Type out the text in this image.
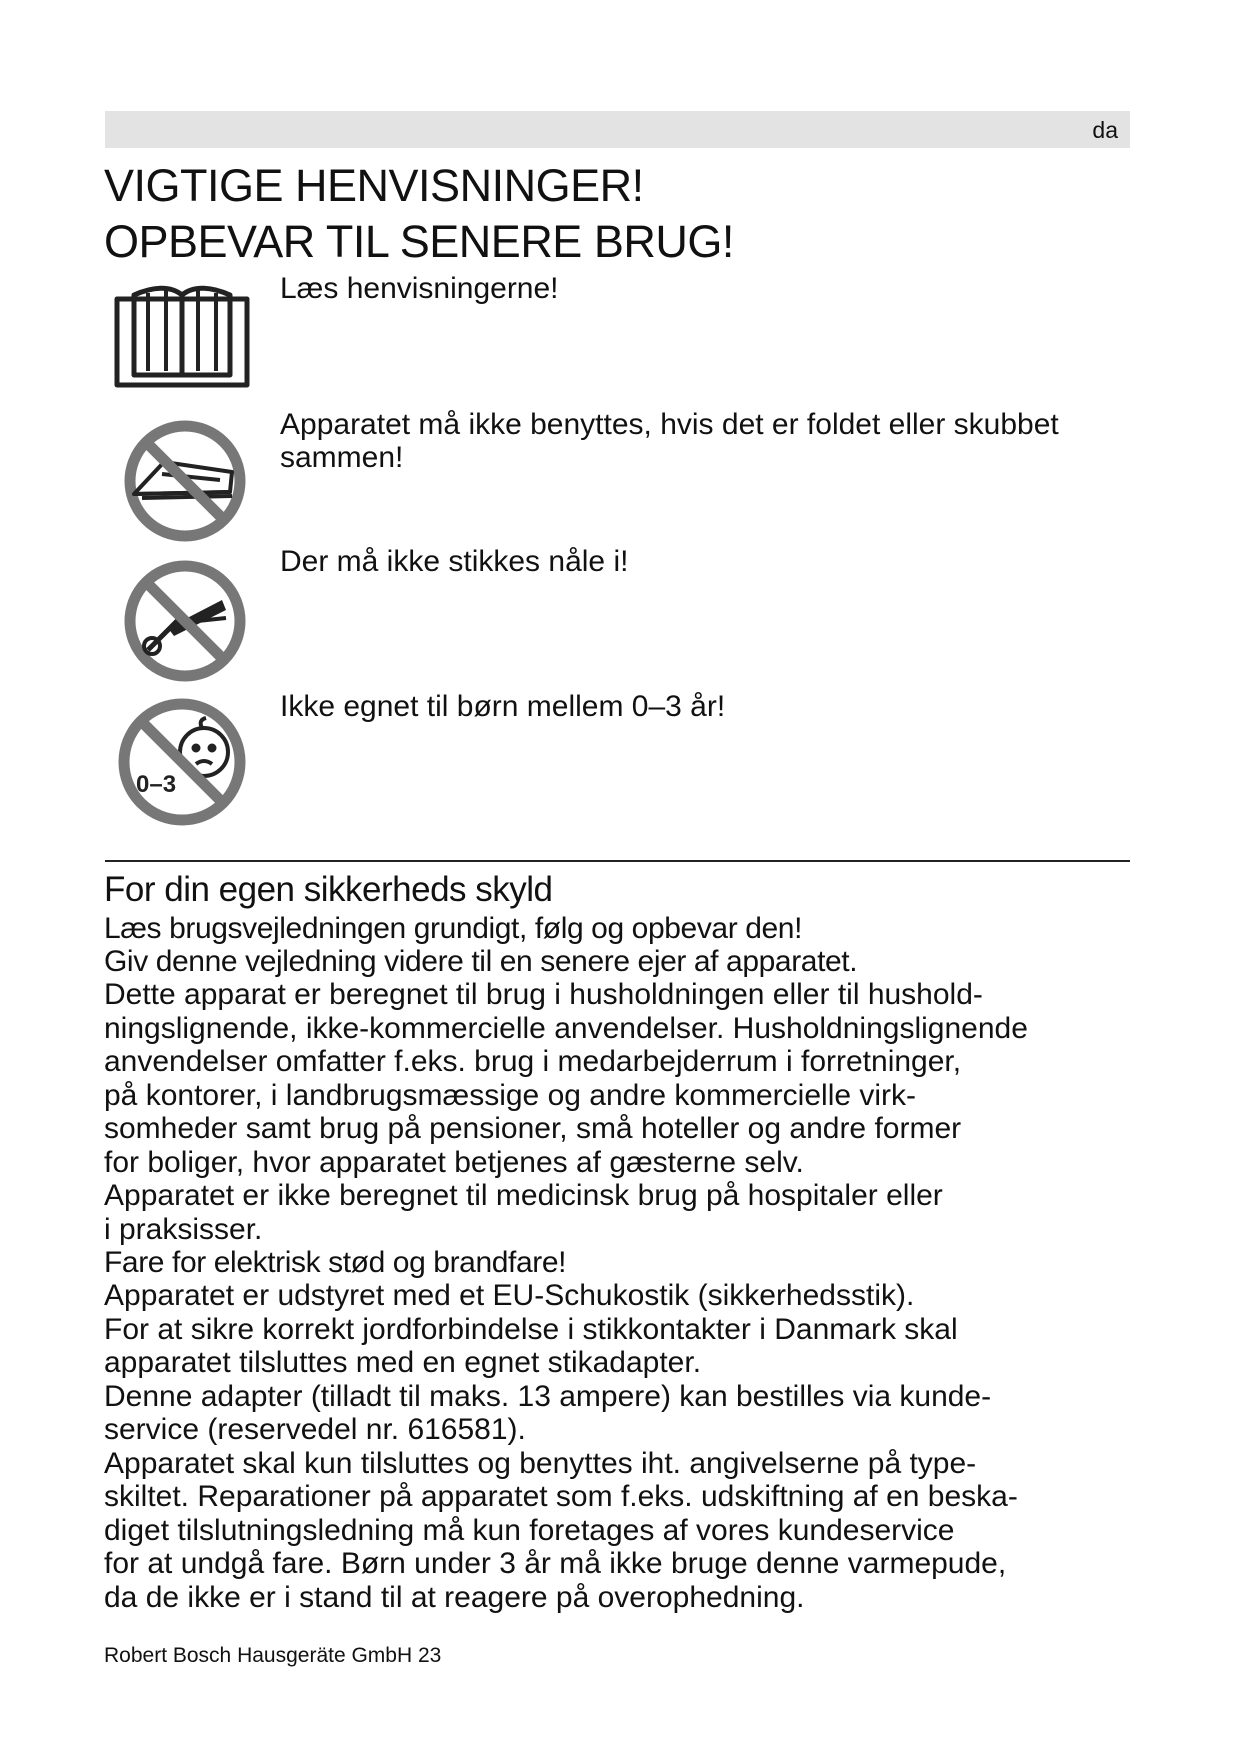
da
VIGTIGE HENVISNINGER!
OPBEVAR TIL SENERE BRUG!
Læs henvisningerne!
Apparatet må ikke benyttes, hvis det er foldet eller skubbet
sammen!
Der må ikke stikkes nåle i!
0–3
Ikke egnet til børn mellem 0–3 år!
For din egen sikkerheds skyld
Læs brugsvejledningen grundigt, følg og opbevar den!
Giv denne vejledning videre til en senere ejer af apparatet.
Dette apparat er beregnet til brug i husholdningen eller til hushold-
ningslignende, ikke-kommercielle anvendelser. Husholdningslignende
anvendelser omfatter f.eks. brug i medarbejderrum i forretninger,
på kontorer, i landbrugsmæssige og andre kommercielle virk-
somheder samt brug på pensioner, små hoteller og andre former
for boliger, hvor apparatet betjenes af gæsterne selv.
Apparatet er ikke beregnet til medicinsk brug på hospitaler eller
i praksisser.
Fare for elektrisk stød og brandfare!
Apparatet er udstyret med et EU-Schukostik (sikkerhedsstik).
For at sikre korrekt jordforbindelse i stikkontakter i Danmark skal
apparatet tilsluttes med en egnet stikadapter.
Denne adapter (tilladt til maks. 13 ampere) kan bestilles via kunde-
service (reservedel nr. 616581).
Apparatet skal kun tilsluttes og benyttes iht. angivelserne på type-
skiltet. Reparationer på apparatet som f.eks. udskiftning af en beska-
diget tilslutningsledning må kun foretages af vores kundeservice
for at undgå fare. Børn under 3 år må ikke bruge denne varmepude,
da de ikke er i stand til at reagere på overophedning.
Robert Bosch Hausgeräte GmbH 23
